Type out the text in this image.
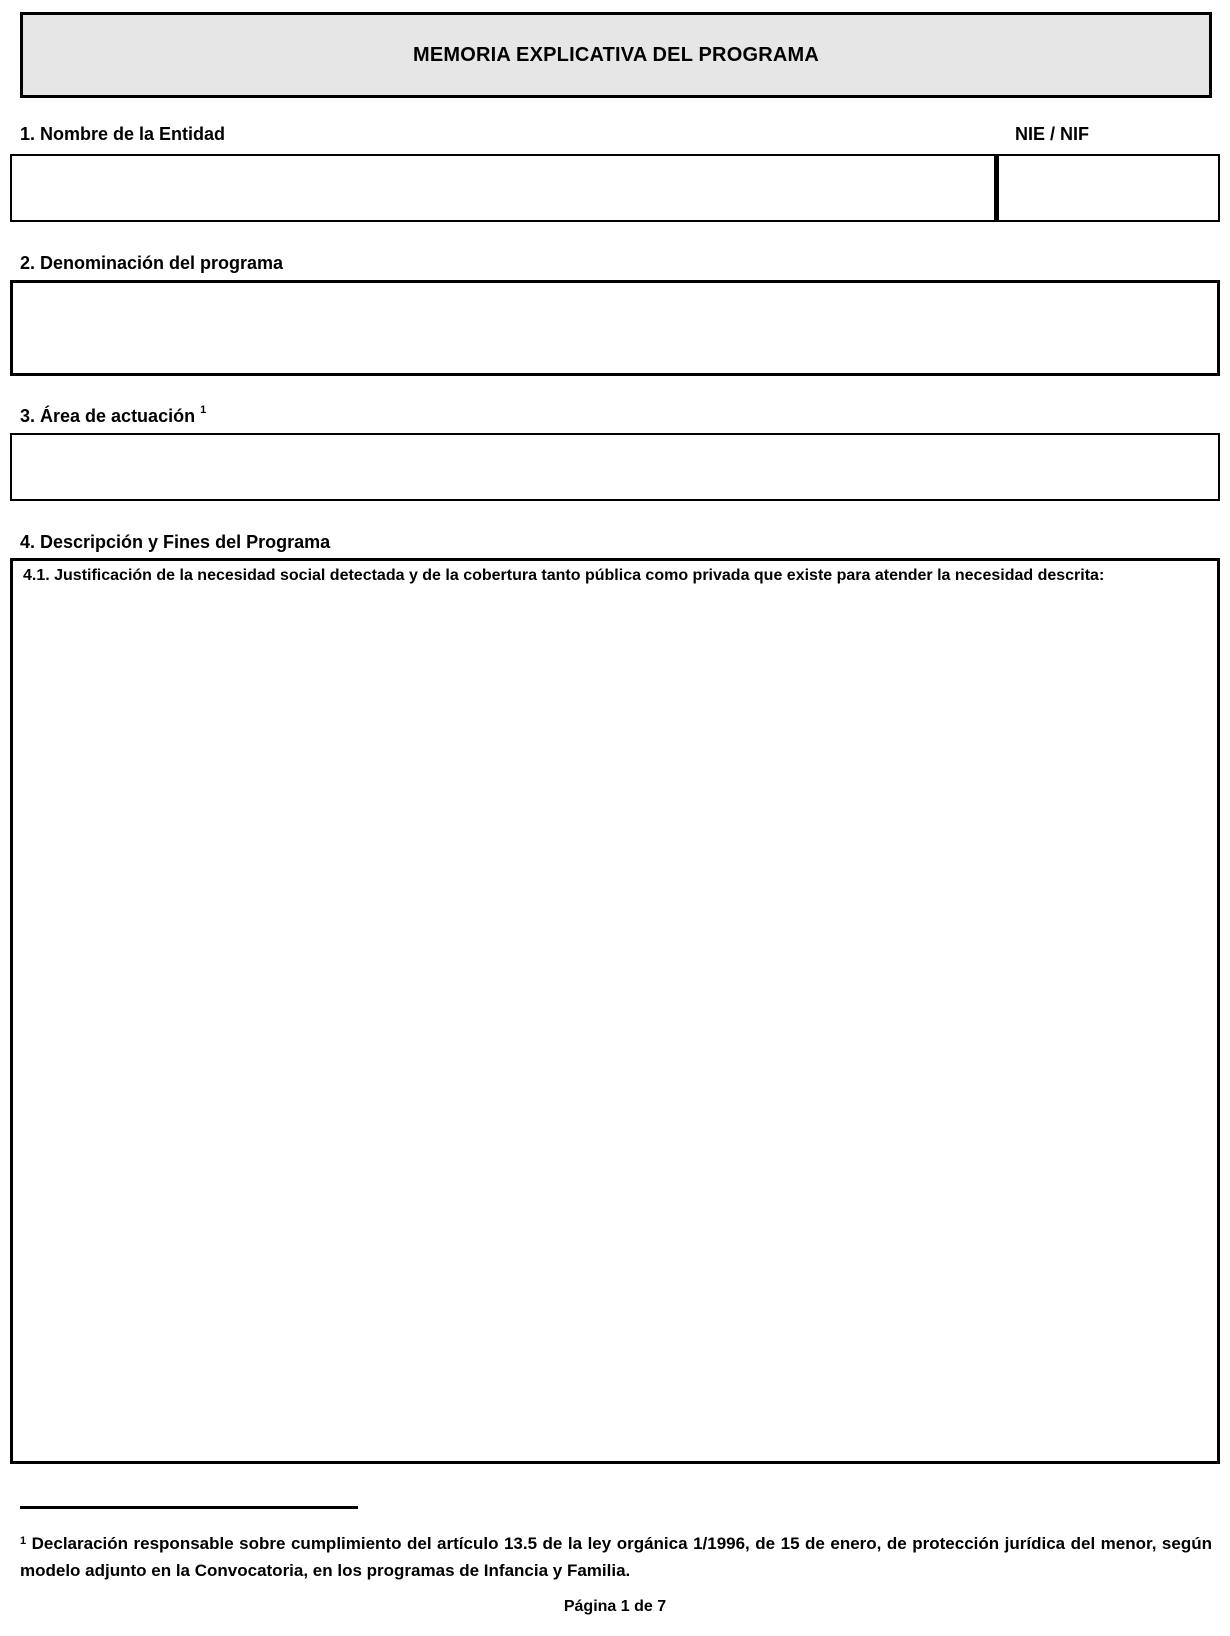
MEMORIA EXPLICATIVA DEL PROGRAMA
1. Nombre de la Entidad	NIE / NIF
2. Denominación del programa
3. Área de actuación $^1$
4. Descripción y Fines del Programa
4.1. Justificación de la necesidad social detectada y de la cobertura tanto pública como privada que existe para atender la necesidad descrita:
$^1$ Declaración responsable sobre cumplimiento del artículo 13.5 de la ley orgánica 1/1996, de 15 de enero, de protección jurídica del menor, según modelo adjunto en la Convocatoria, en los programas de Infancia y Familia.
Página 1 de 7
